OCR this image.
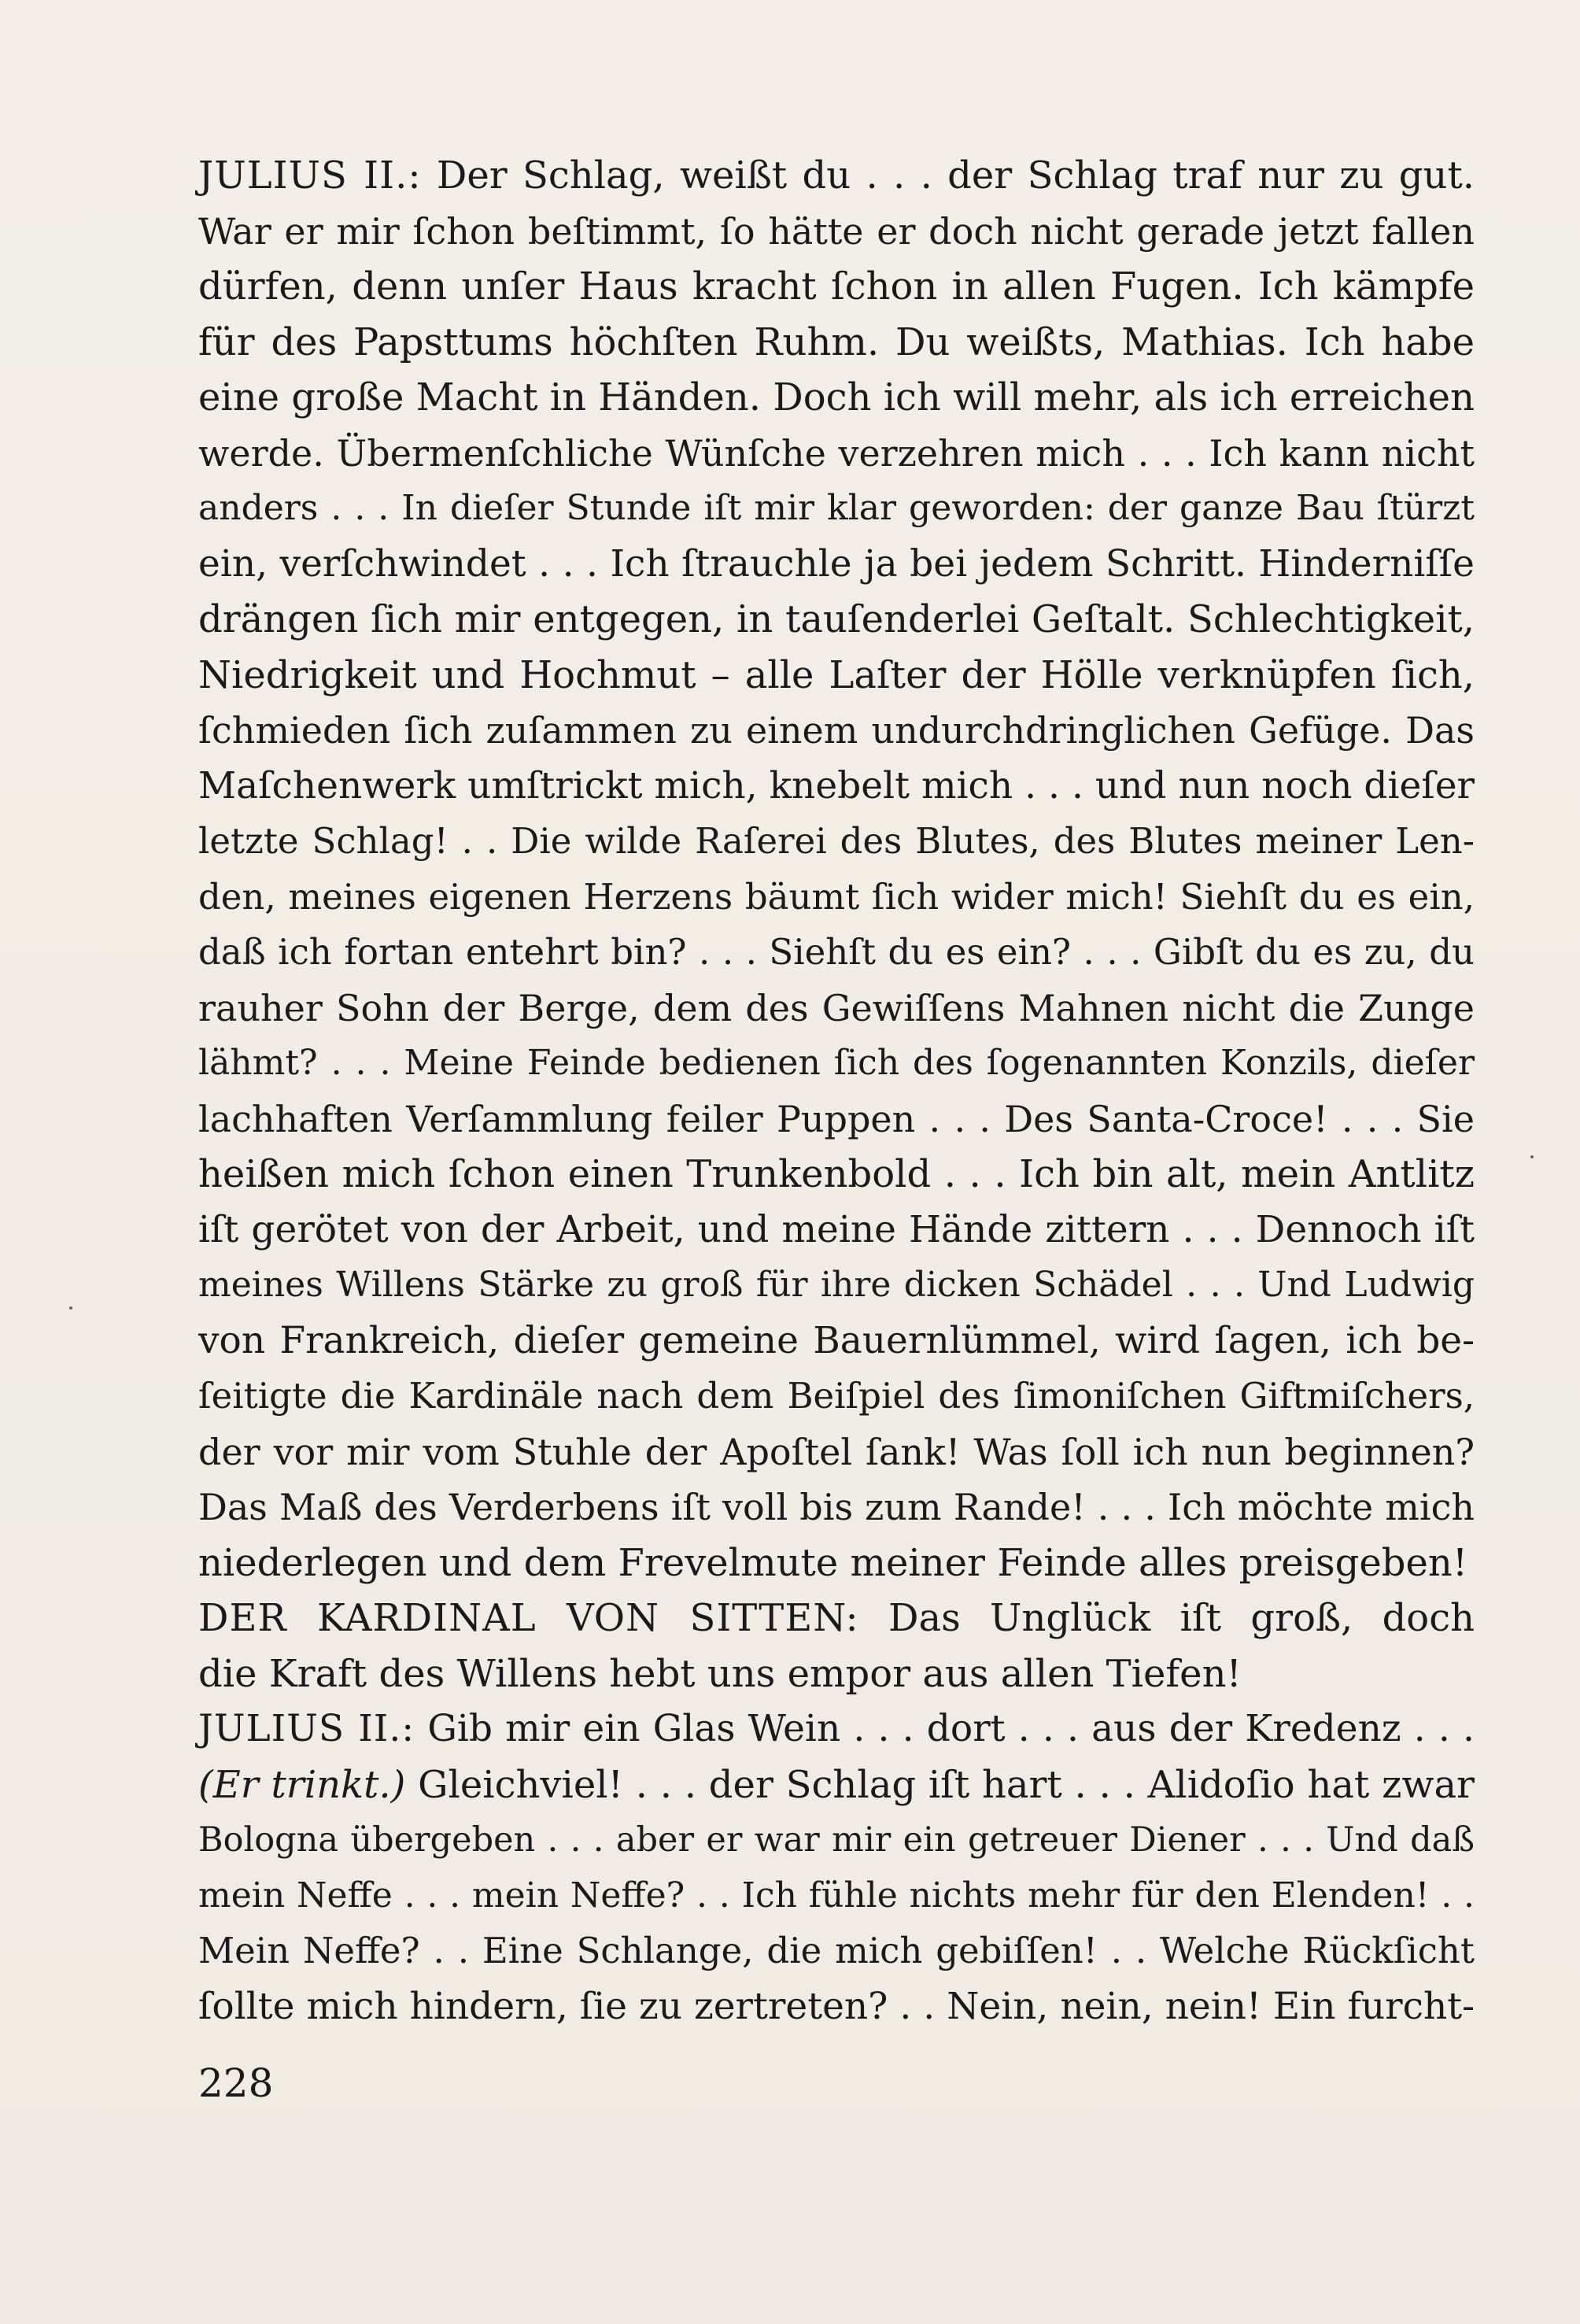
JULIUS II.: Der Schlag, weißt du . . . der Schlag traf nur zu gut.
War er mir ſchon beſtimmt, ſo hätte er doch nicht gerade jetzt fallen
dürfen, denn unſer Haus kracht ſchon in allen Fugen. Ich kämpfe
für des Papsttums höchſten Ruhm. Du weißts, Mathias. Ich habe
eine große Macht in Händen. Doch ich will mehr, als ich erreichen
werde. Übermenſchliche Wünſche verzehren mich . . . Ich kann nicht
anders . . . In dieſer Stunde iſt mir klar geworden: der ganze Bau ſtürzt
ein, verſchwindet . . . Ich ſtrauchle ja bei jedem Schritt. Hinderniſſe
drängen ſich mir entgegen, in tauſenderlei Geſtalt. Schlechtigkeit,
Niedrigkeit und Hochmut – alle Laſter der Hölle verknüpfen ſich,
ſchmieden ſich zuſammen zu einem undurchdringlichen Gefüge. Das
Maſchenwerk umſtrickt mich, knebelt mich . . . und nun noch dieſer
letzte Schlag! . . Die wilde Raſerei des Blutes, des Blutes meiner Len-
den, meines eigenen Herzens bäumt ſich wider mich! Siehſt du es ein,
daß ich fortan entehrt bin? . . . Siehſt du es ein? . . . Gibſt du es zu, du
rauher Sohn der Berge, dem des Gewiſſens Mahnen nicht die Zunge
lähmt? . . . Meine Feinde bedienen ſich des ſogenannten Konzils, dieſer
lachhaften Verſammlung feiler Puppen . . . Des Santa-Croce! . . . Sie
heißen mich ſchon einen Trunkenbold . . . Ich bin alt, mein Antlitz
iſt gerötet von der Arbeit, und meine Hände zittern . . . Dennoch iſt
meines Willens Stärke zu groß für ihre dicken Schädel . . . Und Ludwig
von Frankreich, dieſer gemeine Bauernlümmel, wird ſagen, ich be-
ſeitigte die Kardinäle nach dem Beiſpiel des ſimoniſchen Giftmiſchers,
der vor mir vom Stuhle der Apoſtel ſank! Was ſoll ich nun beginnen?
Das Maß des Verderbens iſt voll bis zum Rande! . . . Ich möchte mich
niederlegen und dem Frevelmute meiner Feinde alles preisgeben!
DER KARDINAL VON SITTEN: Das Unglück iſt groß, doch
die Kraft des Willens hebt uns empor aus allen Tiefen!
JULIUS II.: Gib mir ein Glas Wein . . . dort . . . aus der Kredenz . . .
(Er trinkt.) Gleichviel! . . . der Schlag iſt hart . . . Alidoſio hat zwar
Bologna übergeben . . . aber er war mir ein getreuer Diener . . . Und daß
mein Neffe . . . mein Neffe? . . Ich fühle nichts mehr für den Elenden! . .
Mein Neffe? . . Eine Schlange, die mich gebiſſen! . . Welche Rückſicht
ſollte mich hindern, ſie zu zertreten? . . Nein, nein, nein! Ein furcht-
228
